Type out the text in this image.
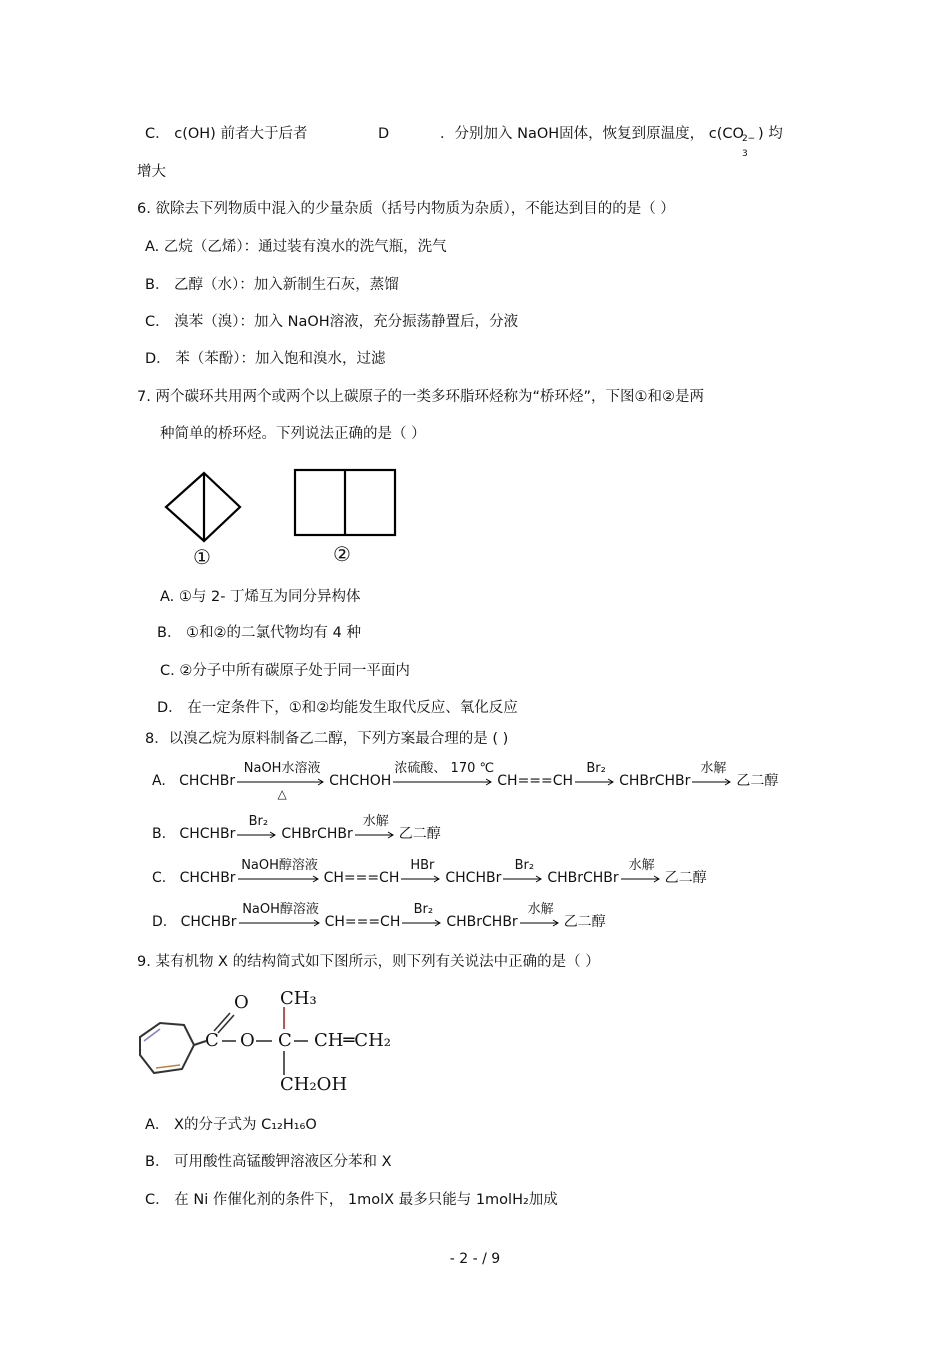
C． c(OH) 前者大于后者	D	．分别加入 NaOH固体，恢复到原温度， c(CO
2−
3
) 均
增大
6. 欲除去下列物质中混入的少量杂质（括号内物质为杂质），不能达到目的的是（ ）
A. 乙烷（乙烯）：通过装有溴水的洗气瓶，洗气
B． 乙醇（水）：加入新制生石灰，蒸馏
C． 溴苯（溴）：加入 NaOH溶液，充分振荡静置后，分液
D． 苯（苯酚）：加入饱和溴水，过滤
7. 两个碳环共用两个或两个以上碳原子的一类多环脂环烃称为“桥环烃”，下图①和②是两
种简单的桥环烃。下列说法正确的是（ ）
①	②
A. ①与 2- 丁烯互为同分异构体
B． ①和②的二氯代物均有 4 种
C. ②分子中所有碳原子处于同一平面内
D． 在一定条件下，①和②均能发生取代反应、氧化反应
8．以溴乙烷为原料制备乙二醇，下列方案最合理的是 ( )
A. CHCHBr
NaOH水溶液
△
CHCHOH
浓硫酸、 170 ℃
CH===CH
Br₂
CHBrCHBr
水解
乙二醇
B. CHCHBr
Br₂
CHBrCHBr
水解
乙二醇
C. CHCHBr
NaOH醇溶液
CH===CH
HBr
CHCHBr
Br₂
CHBrCHBr
水解
乙二醇
D. CHCHBr
NaOH醇溶液
CH===CH
Br₂
CHBrCHBr
水解
乙二醇
9. 某有机物 X 的结构简式如下图所示，则下列有关说法中正确的是（ ）
O
C O
CH₃
C CH═CH₂
CH₂OH
A． X的分子式为 C₁₂H₁₆O
B． 可用酸性高锰酸钾溶液区分苯和 X
C． 在 Ni 作催化剂的条件下， 1molX 最多只能与 1molH₂加成
- 2 - / 9
